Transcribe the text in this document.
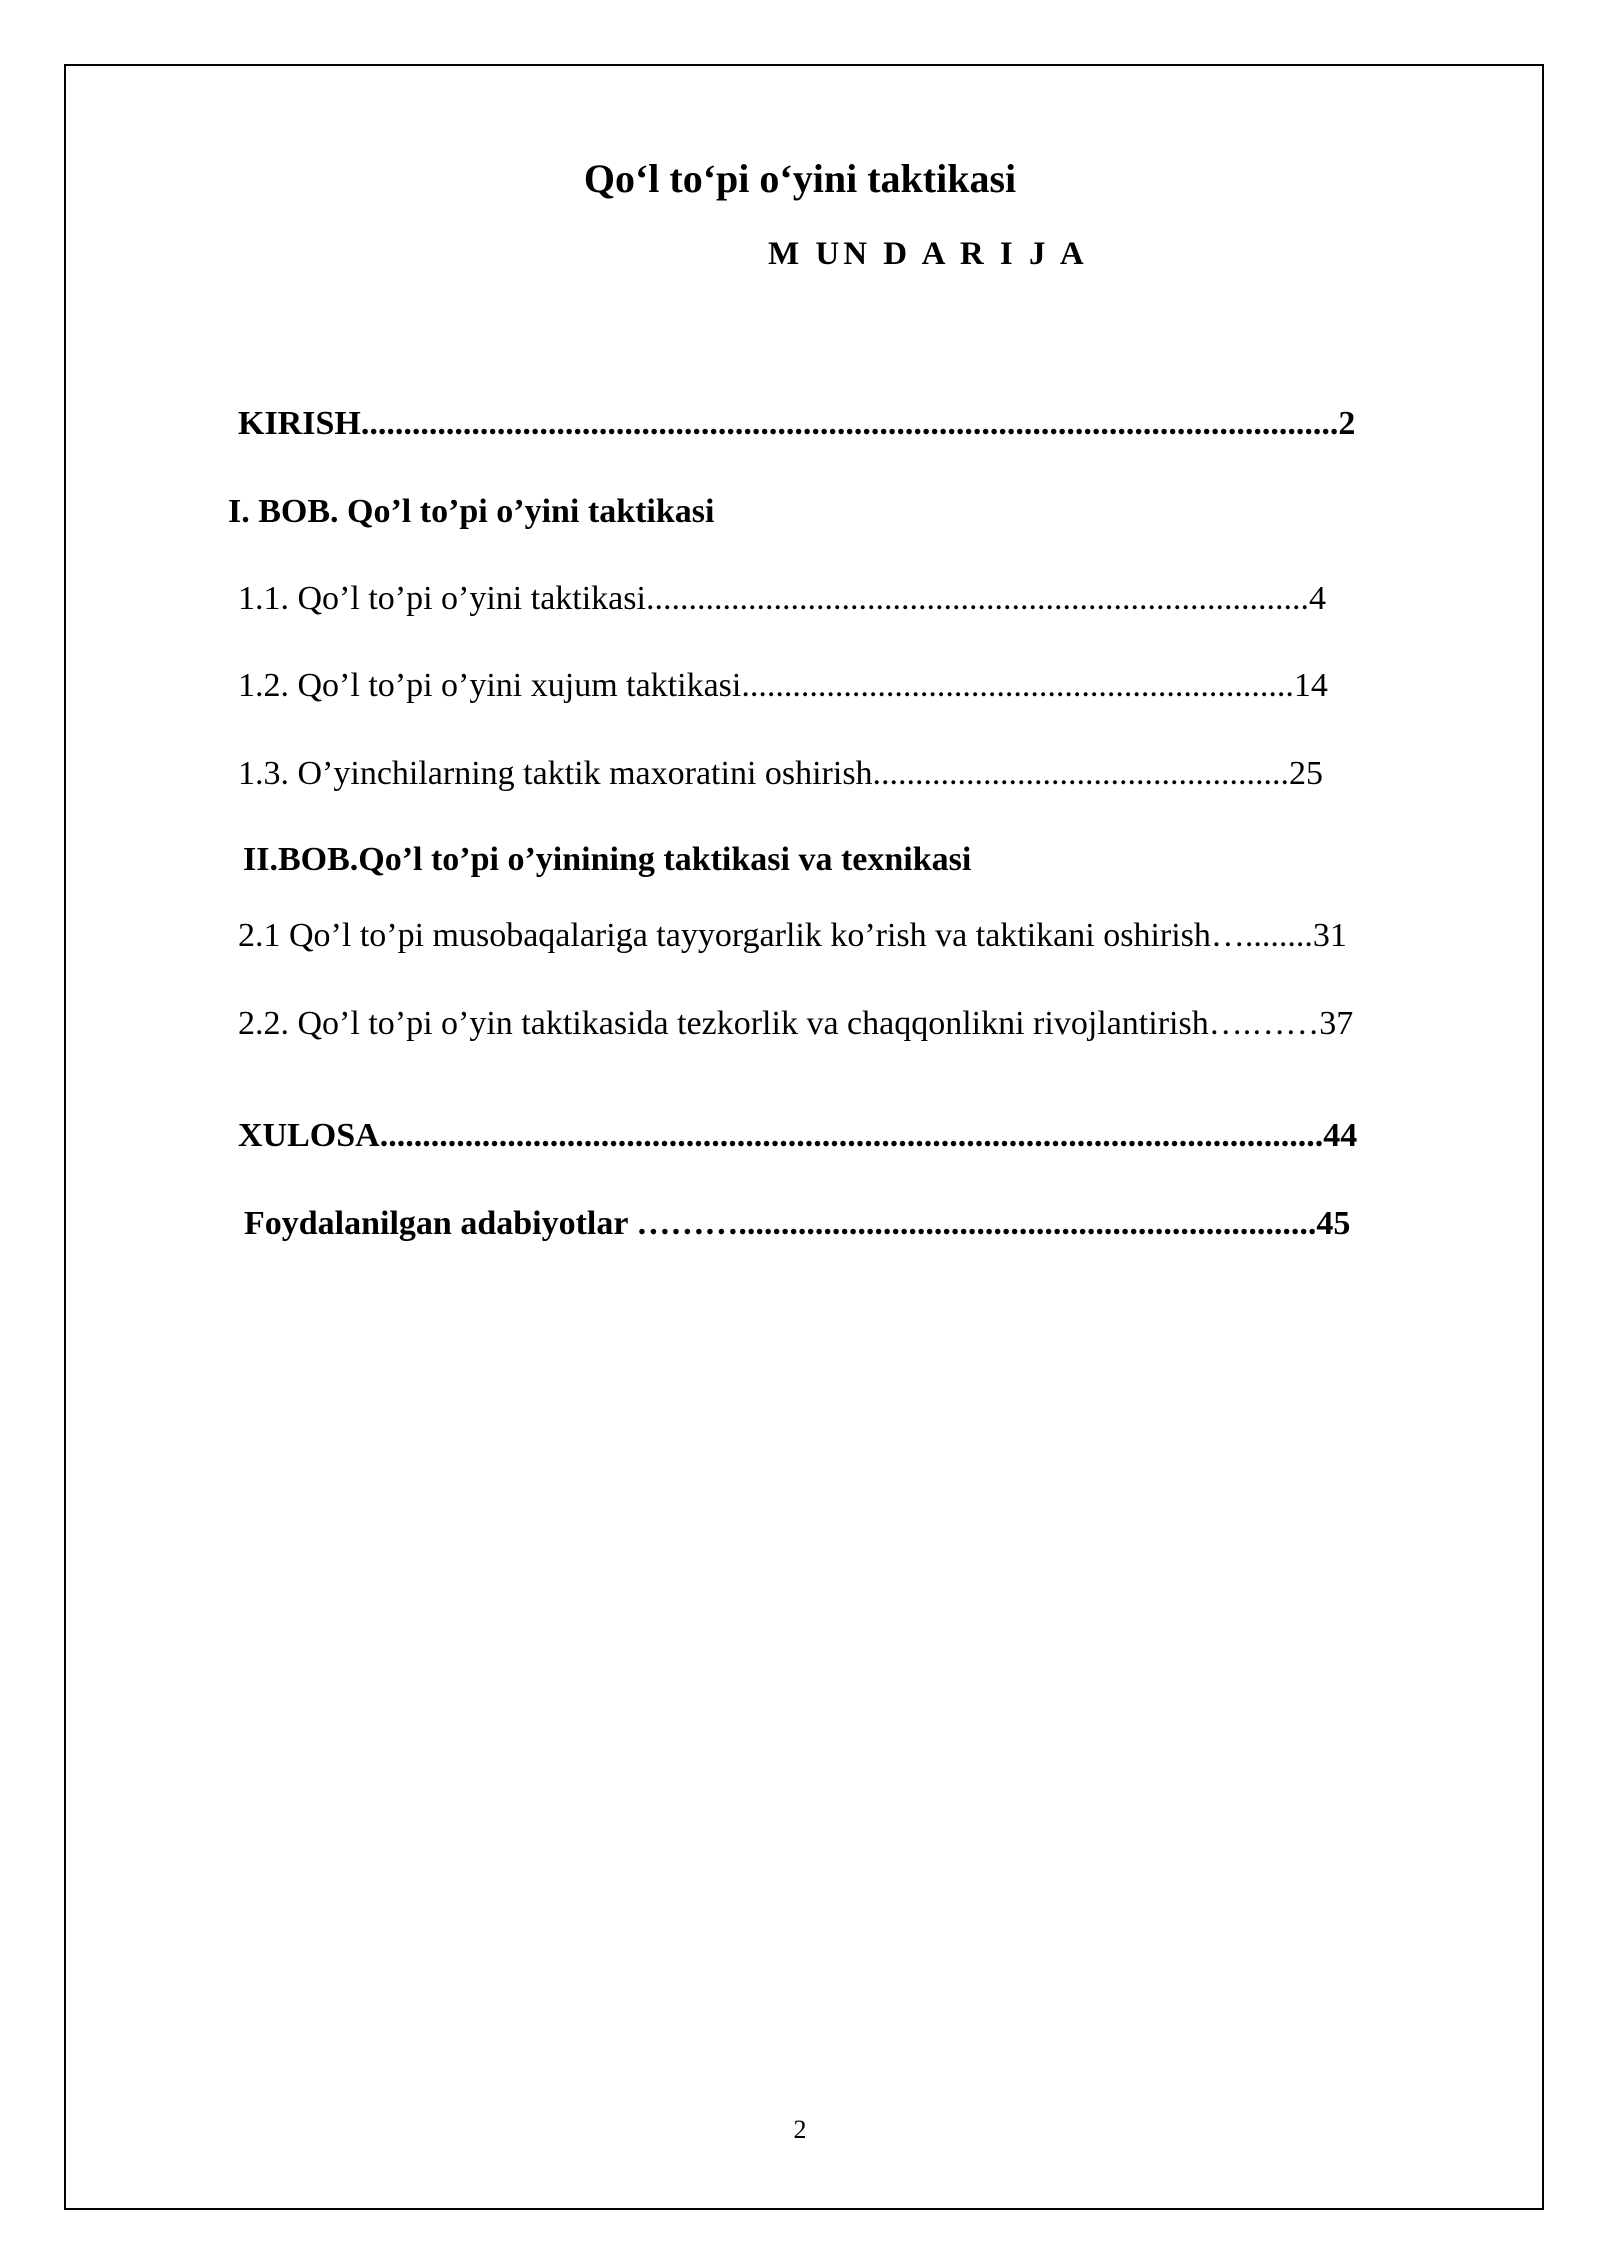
Qo‘l to‘pi o‘yini taktikasi
M UN D A R I J A
KIRISH...................................................................................................................2
I. BOB. Qo’l to’pi o’yini taktikasi
1.1. Qo’l to’pi o’yini taktikasi..............................................................................4
1.2. Qo’l to’pi o’yini xujum taktikasi.................................................................14
1.3. O’yinchilarning taktik maxoratini oshirish.................................................25
II.BOB.Qo’l to’pi o’yinining taktikasi va texnikasi
2.1 Qo’l to’pi musobaqalariga tayyorgarlik ko’rish va taktikani oshirish…........31
2.2. Qo’l to’pi o’yin taktikasida tezkorlik va chaqqonlikni rivojlantirish….……37
XULOSA...............................................................................................................44
Foydalanilgan adabiyotlar ………....................................................................45
2
